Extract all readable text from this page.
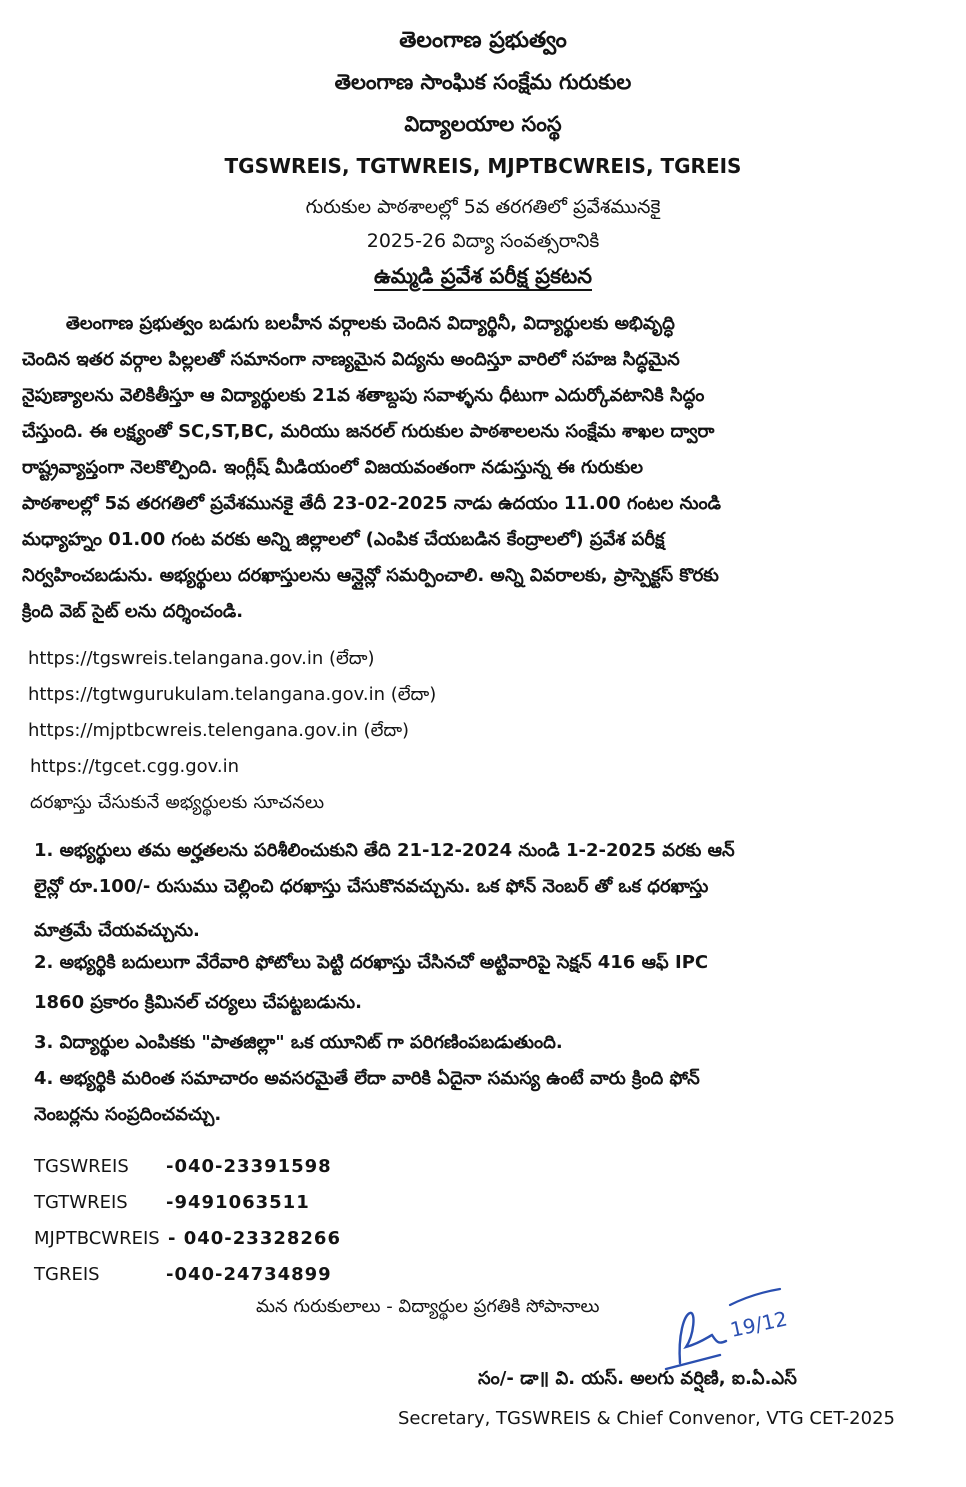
తెలంగాణ ప్రభుత్వం
తెలంగాణ సాంఘిక సంక్షేమ గురుకుల
విద్యాలయాల సంస్థ
TGSWREIS, TGTWREIS, MJPTBCWREIS, TGREIS
గురుకుల పాఠశాలల్లో 5వ తరగతిలో ప్రవేశమునకై
2025-26 విద్యా సంవత్సరానికి
ఉమ్మడి ప్రవేశ పరీక్ష ప్రకటన
తెలంగాణ ప్రభుత్వం బడుగు బలహీన వర్గాలకు చెందిన విద్యార్థినీ, విద్యార్థులకు అభివృద్ధి
చెందిన ఇతర వర్గాల పిల్లలతో సమానంగా నాణ్యమైన విద్యను అందిస్తూ వారిలో సహజ సిద్ధమైన
నైపుణ్యాలను వెలికితీస్తూ ఆ విద్యార్థులకు 21వ శతాబ్దపు సవాళ్ళను ధీటుగా ఎదుర్కోవటానికి సిద్ధం
చేస్తుంది. ఈ లక్ష్యంతో SC,ST,BC, మరియు జనరల్ గురుకుల పాఠశాలలను సంక్షేమ శాఖల ద్వారా
రాష్ట్రవ్యాప్తంగా నెలకొల్పింది. ఇంగ్లీష్ మీడియంలో విజయవంతంగా నడుస్తున్న ఈ గురుకుల
పాఠశాలల్లో 5వ తరగతిలో ప్రవేశమునకై తేదీ 23-02-2025 నాడు ఉదయం 11.00 గంటల నుండి
మధ్యాహ్నం 01.00 గంట వరకు అన్ని జిల్లాలలో (ఎంపిక చేయబడిన కేంద్రాలలో) ప్రవేశ పరీక్ష
నిర్వహించబడును. అభ్యర్థులు దరఖాస్తులను ఆన్లైన్లో సమర్పించాలి. అన్ని వివరాలకు, ప్రాస్పెక్టస్ కొరకు
క్రింది వెబ్ సైట్ లను దర్శించండి.
https://tgswreis.telangana.gov.in (లేదా)
https://tgtwgurukulam.telangana.gov.in (లేదా)
https://mjptbcwreis.telengana.gov.in (లేదా)
https://tgcet.cgg.gov.in
దరఖాస్తు చేసుకునే అభ్యర్థులకు సూచనలు
1. అభ్యర్థులు తమ అర్హతలను పరిశీలించుకుని తేది 21-12-2024 నుండి 1-2-2025 వరకు ఆన్
లైన్లో రూ.100/- రుసుము చెల్లించి ధరఖాస్తు చేసుకొనవచ్చును. ఒక ఫోన్ నెంబర్ తో ఒక ధరఖాస్తు
మాత్రమే చేయవచ్చును.
2. అభ్యర్థికి బదులుగా వేరేవారి ఫోటోలు పెట్టి దరఖాస్తు చేసినచో అట్టివారిపై సెక్షన్ 416 ఆఫ్ IPC
1860 ప్రకారం క్రిమినల్ చర్యలు చేపట్టబడును.
3. విద్యార్థుల ఎంపికకు "పాతజిల్లా" ఒక యూనిట్ గా పరిగణింపబడుతుంది.
4. అభ్యర్థికి మరింత సమాచారం అవసరమైతే లేదా వారికి ఏదైనా సమస్య ఉంటే వారు క్రింది ఫోన్
నెంబర్లను సంప్రదించవచ్చు.
TGSWREIS -040-23391598
TGTWREIS -9491063511
MJPTBCWREIS - 040-23328266
TGREIS	-040-24734899
మన గురుకులాలు - విద్యార్థుల ప్రగతికి సోపానాలు	19/12
సం/- డా॥ వి. యస్. అలగు వర్షిణి, ఐ.ఏ.ఎస్
Secretary, TGSWREIS & Chief Convenor, VTG CET-2025
